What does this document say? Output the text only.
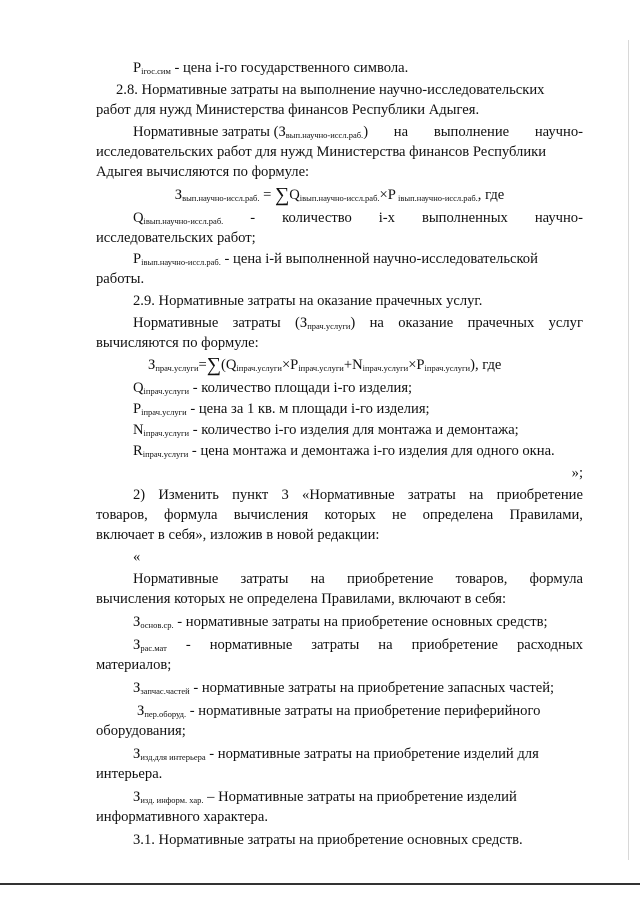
$P_{iгос.сим}$ - цена i-го государственного символа.
2.8. Нормативные затраты на выполнение научно-исследовательских
работ для нужд Министерства финансов Республики Адыгея.
Нормативные затраты $(З_{вып.научно-иссл.раб.})$ на выполнение научно-
исследовательских работ для нужд Министерства финансов Республики
Адыгея вычисляются по формуле:
$З_{вып.научно-иссл.раб.} = \sum Q_{iвып.научно-иссл.раб.}\times P$ $_{iвып.научно-иссл.раб.}$, где
$Q_{iвып.научно-иссл.раб.}$ - количество i-х выполненных научно-
исследовательских работ;
$P_{iвып.научно-иссл.раб.}$ - цена i-й выполненной научно-исследовательской
работы.
2.9. Нормативные затраты на оказание прачечных услуг.
Нормативные затраты $(З_{прач.услуги})$ на оказание прачечных услуг
вычисляются по формуле:
$З_{прач.услуги}=\sum(Q_{iпрач.услуги}\times P_{iпрач.услуги}+N_{iпрач.услуги}\times P_{iпрач.услуги})$, где
$Q_{iпрач.услуги}$ - количество площади i-го изделия;
$P_{iпрач.услуги}$ - цена за 1 кв. м площади i-го изделия;
$N_{iпрач.услуги}$ - количество i-го изделия для монтажа и демонтажа;
$R_{iпрач.услуги}$ - цена монтажа и демонтажа i-го изделия для одного окна.
»;
2) Изменить пункт 3 «Нормативные затраты на приобретение
товаров, формула вычисления которых не определена Правилами,
включает в себя», изложив в новой редакции:
«
Нормативные затраты на приобретение товаров, формула
вычисления которых не определена Правилами, включают в себя:
$З_{основ.ср.}$ - нормативные затраты на приобретение основных средств;
$З_{рас.мат}$ - нормативные затраты на приобретение расходных
материалов;
$З_{запчас.частей}$ - нормативные затраты на приобретение запасных частей;
$З_{пер.оборуд.}$ - нормативные затраты на приобретение периферийного
оборудования;
$З_{изд.для интерьера}$ - нормативные затраты на приобретение изделий для
интерьера.
$З_{изд. информ. хар.}$ – Нормативные затраты на приобретение изделий
информативного характера.
3.1. Нормативные затраты на приобретение основных средств.
